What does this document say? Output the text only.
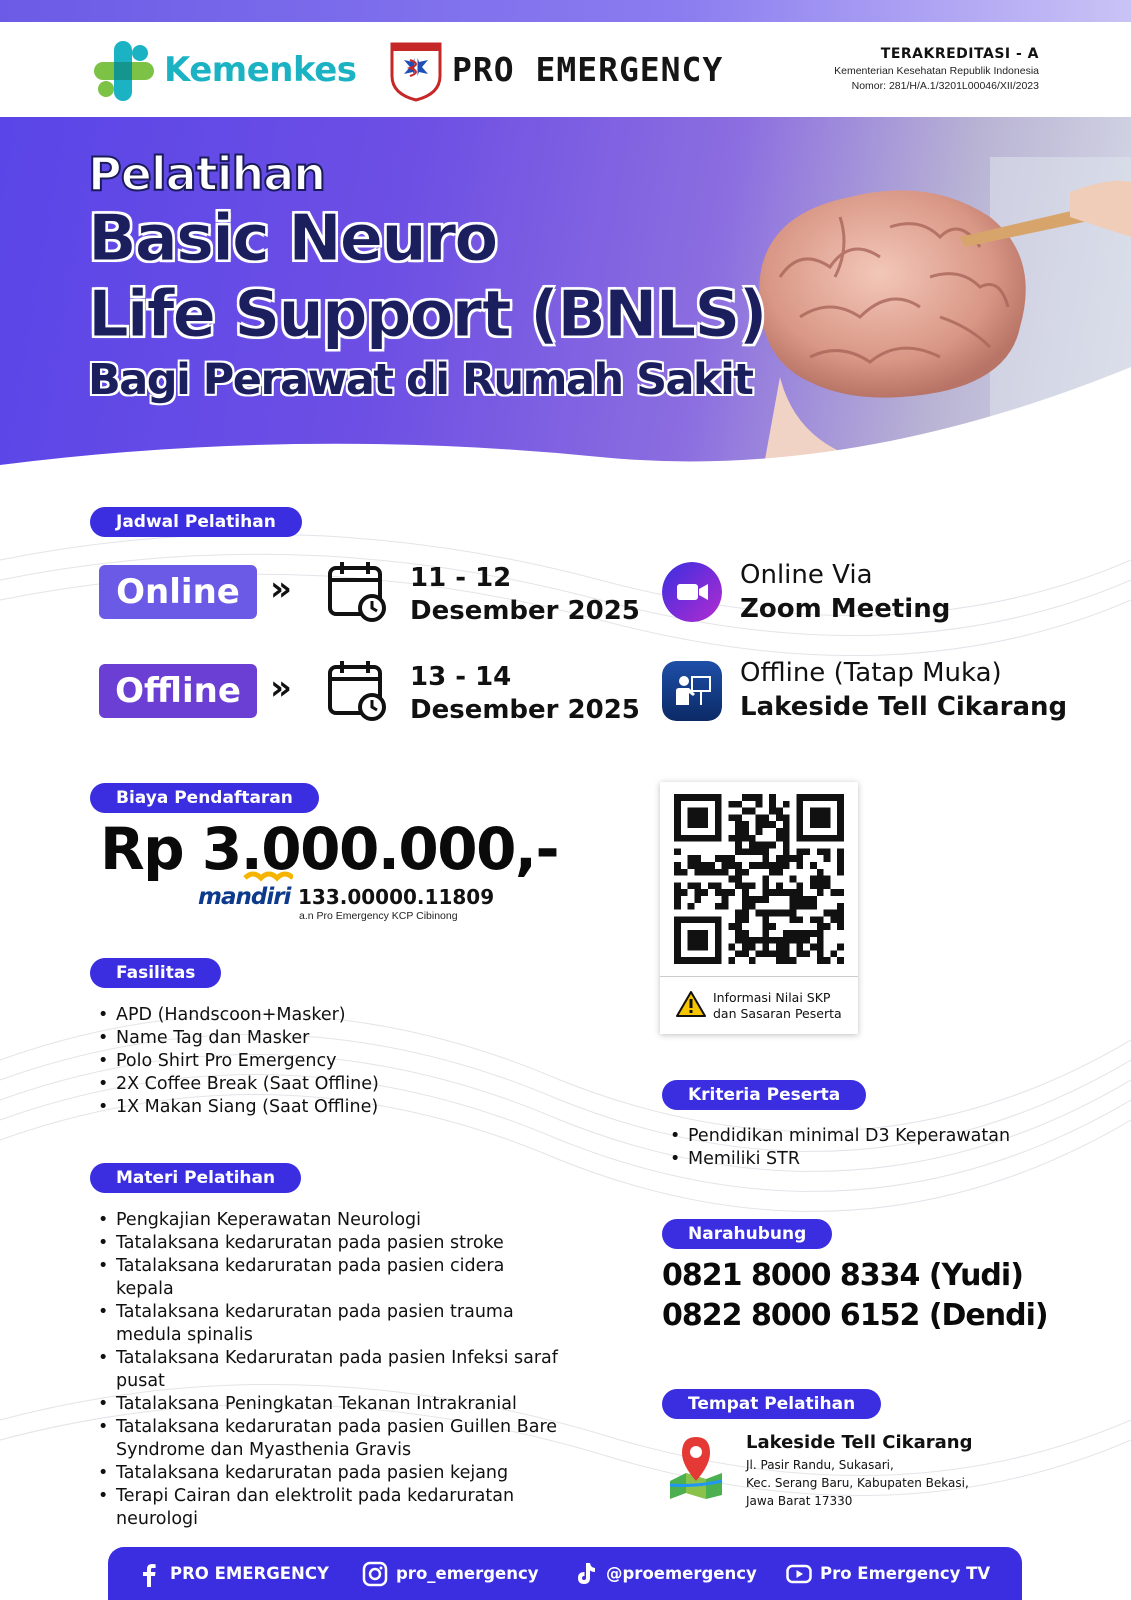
Kemenkes	PRO EMERGENCY	TERAKREDITASI - A
Kementerian Kesehatan Republik Indonesia
Nomor: 281/H/A.1/3201L00046/XII/2023
Pelatihan
Basic Neuro
Life Support (BNLS)
Bagi Perawat di Rumah Sakit
Jadwal Pelatihan
Online »	11 - 12
Desember 2025
Online Via
Zoom Meeting
Offline »	13 - 14
Desember 2025
Offline (Tatap Muka)
Lakeside Tell Cikarang
Biaya Pendaftaran
Rp 3.000.000,-
mandiri 133.00000.11809
a.n Pro Emergency KCP Cibinong
Informasi Nilai SKP
dan Sasaran Peserta
Fasilitas
• APD (Handscoon+Masker)
• Name Tag dan Masker
• Polo Shirt Pro Emergency
• 2X Coffee Break (Saat Offline)
• 1X Makan Siang (Saat Offline)
Kriteria Peserta
• Pendidikan minimal D3 Keperawatan
• Memiliki STR
Materi Pelatihan
• Pengkajian Keperawatan Neurologi
• Tatalaksana kedaruratan pada pasien stroke
• Tatalaksana kedaruratan pada pasien cidera kepala
• Tatalaksana kedaruratan pada pasien trauma medula spinalis
• Tatalaksana Kedaruratan pada pasien Infeksi saraf pusat
• Tatalaksana Peningkatan Tekanan Intrakranial
• Tatalaksana kedaruratan pada pasien Guillen Bare Syndrome dan Myasthenia Gravis
• Tatalaksana kedaruratan pada pasien kejang
• Terapi Cairan dan elektrolit pada kedaruratan neurologi
Narahubung
0821 8000 8334 (Yudi)
0822 8000 6152 (Dendi)
Tempat Pelatihan
Lakeside Tell Cikarang
Jl. Pasir Randu, Sukasari,
Kec. Serang Baru, Kabupaten Bekasi,
Jawa Barat 17330
PRO EMERGENCY	pro_emergency	@proemergency	Pro Emergency TV
